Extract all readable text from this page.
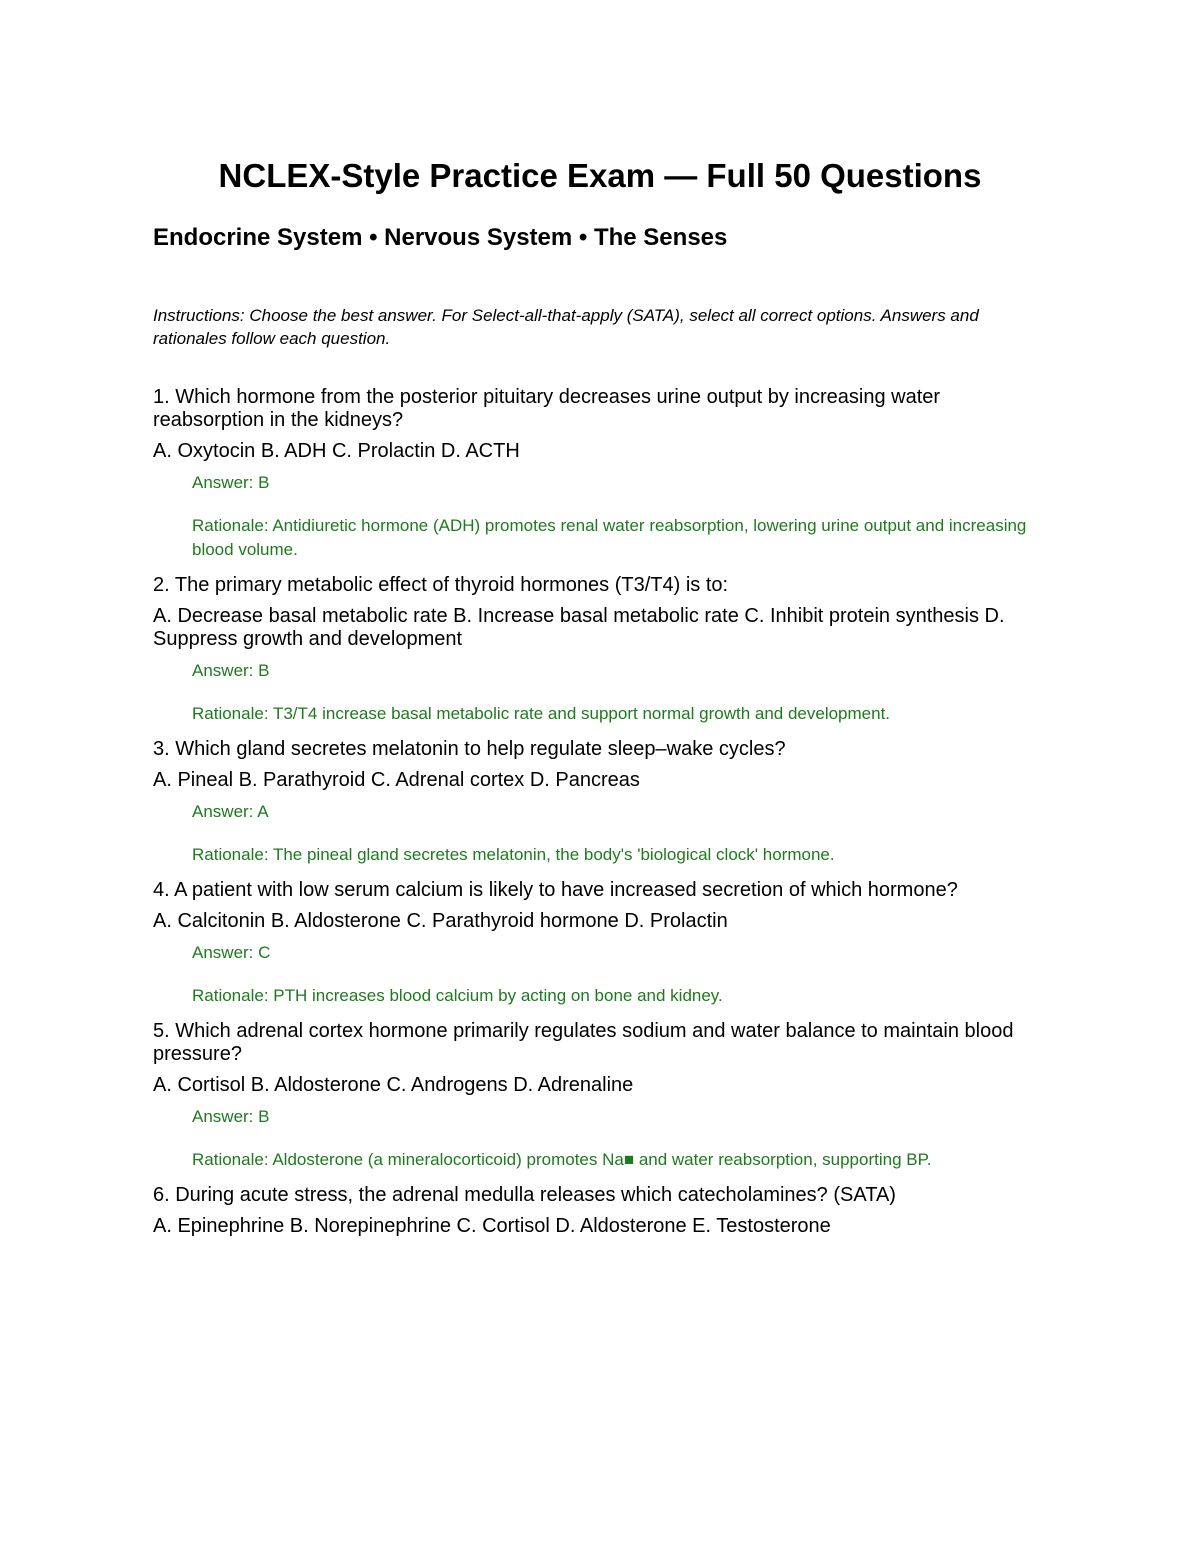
NCLEX-Style Practice Exam — Full 50 Questions
Endocrine System • Nervous System • The Senses

Instructions: Choose the best answer. For Select-all-that-apply (SATA), select all correct options. Answers and rationales follow each question.

1. Which hormone from the posterior pituitary decreases urine output by increasing water reabsorption in the kidneys?

A. Oxytocin B. ADH C. Prolactin D. ACTH

Answer: B

Rationale: Antidiuretic hormone (ADH) promotes renal water reabsorption, lowering urine output and increasing blood volume.

2. The primary metabolic effect of thyroid hormones (T3/T4) is to:

A. Decrease basal metabolic rate B. Increase basal metabolic rate C. Inhibit protein synthesis D. Suppress growth and development

Answer: B

Rationale: T3/T4 increase basal metabolic rate and support normal growth and development.

3. Which gland secretes melatonin to help regulate sleep–wake cycles?

A. Pineal B. Parathyroid C. Adrenal cortex D. Pancreas

Answer: A

Rationale: The pineal gland secretes melatonin, the body's 'biological clock' hormone.

4. A patient with low serum calcium is likely to have increased secretion of which hormone?

A. Calcitonin B. Aldosterone C. Parathyroid hormone D. Prolactin

Answer: C

Rationale: PTH increases blood calcium by acting on bone and kidney.

5. Which adrenal cortex hormone primarily regulates sodium and water balance to maintain blood pressure?

A. Cortisol B. Aldosterone C. Androgens D. Adrenaline

Answer: B

Rationale: Aldosterone (a mineralocorticoid) promotes Na■ and water reabsorption, supporting BP.

6. During acute stress, the adrenal medulla releases which catecholamines? (SATA)

A. Epinephrine B. Norepinephrine C. Cortisol D. Aldosterone E. Testosterone
